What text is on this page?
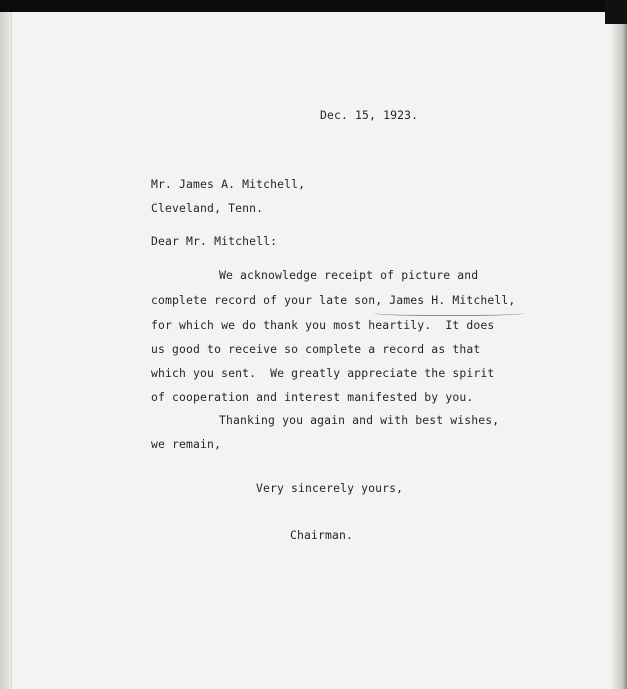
Dec. 15, 1923.
Mr. James A. Mitchell,
Cleveland, Tenn.
Dear Mr. Mitchell:
We acknowledge receipt of picture and
complete record of your late son, James H. Mitchell,
for which we do thank you most heartily.  It does
us good to receive so complete a record as that
which you sent.  We greatly appreciate the spirit
of cooperation and interest manifested by you.
Thanking you again and with best wishes,
we remain,
Very sincerely yours,
Chairman.
